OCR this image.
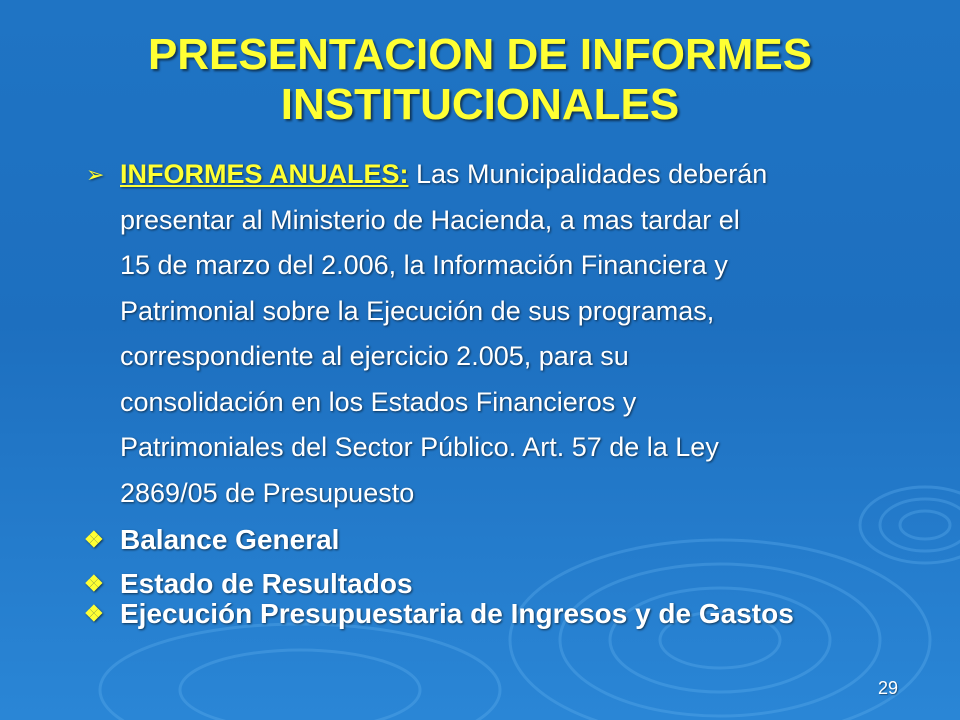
PRESENTACION DE INFORMES
INSTITUCIONALES
➢ INFORMES ANUALES: Las Municipalidades deberán
presentar al Ministerio de Hacienda, a mas tardar el
15 de marzo del 2.006, la Información Financiera y
Patrimonial sobre la Ejecución de sus programas,
correspondiente al ejercicio 2.005, para su
consolidación en los Estados Financieros y
Patrimoniales del Sector Público. Art. 57 de la Ley
2869/05 de Presupuesto
❖ Balance General
❖ Estado de Resultados
❖ Ejecución Presupuestaria de Ingresos y de Gastos
29
